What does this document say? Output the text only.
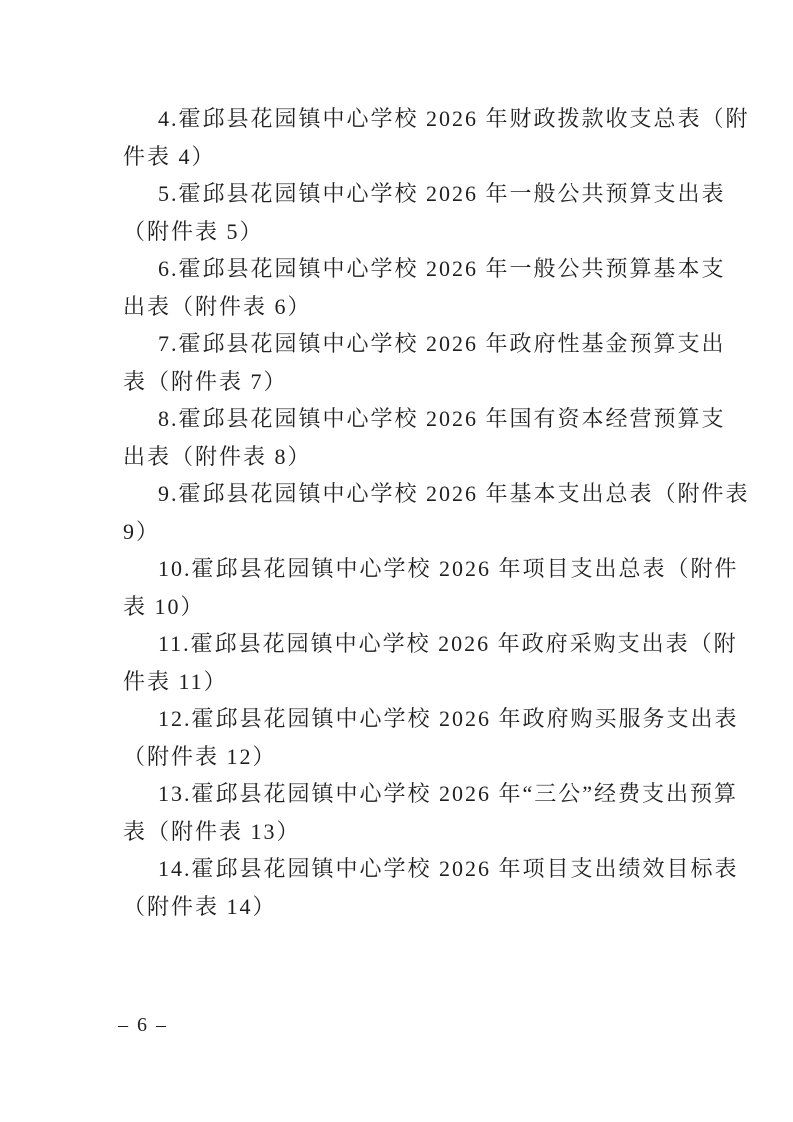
4.霍邱县花园镇中心学校 2026 年财政拨款收支总表（附

件表 4）

5.霍邱县花园镇中心学校 2026 年一般公共预算支出表

（附件表 5）

6.霍邱县花园镇中心学校 2026 年一般公共预算基本支

出表（附件表 6）

7.霍邱县花园镇中心学校 2026 年政府性基金预算支出

表（附件表 7）

8.霍邱县花园镇中心学校 2026 年国有资本经营预算支

出表（附件表 8）

9.霍邱县花园镇中心学校 2026 年基本支出总表（附件表

9）

10.霍邱县花园镇中心学校 2026 年项目支出总表（附件

表 10）

11.霍邱县花园镇中心学校 2026 年政府采购支出表（附

件表 11）

12.霍邱县花园镇中心学校 2026 年政府购买服务支出表

（附件表 12）

13.霍邱县花园镇中心学校 2026 年“三公”经费支出预算

表（附件表 13）

14.霍邱县花园镇中心学校 2026 年项目支出绩效目标表

（附件表 14）

– 6 –
